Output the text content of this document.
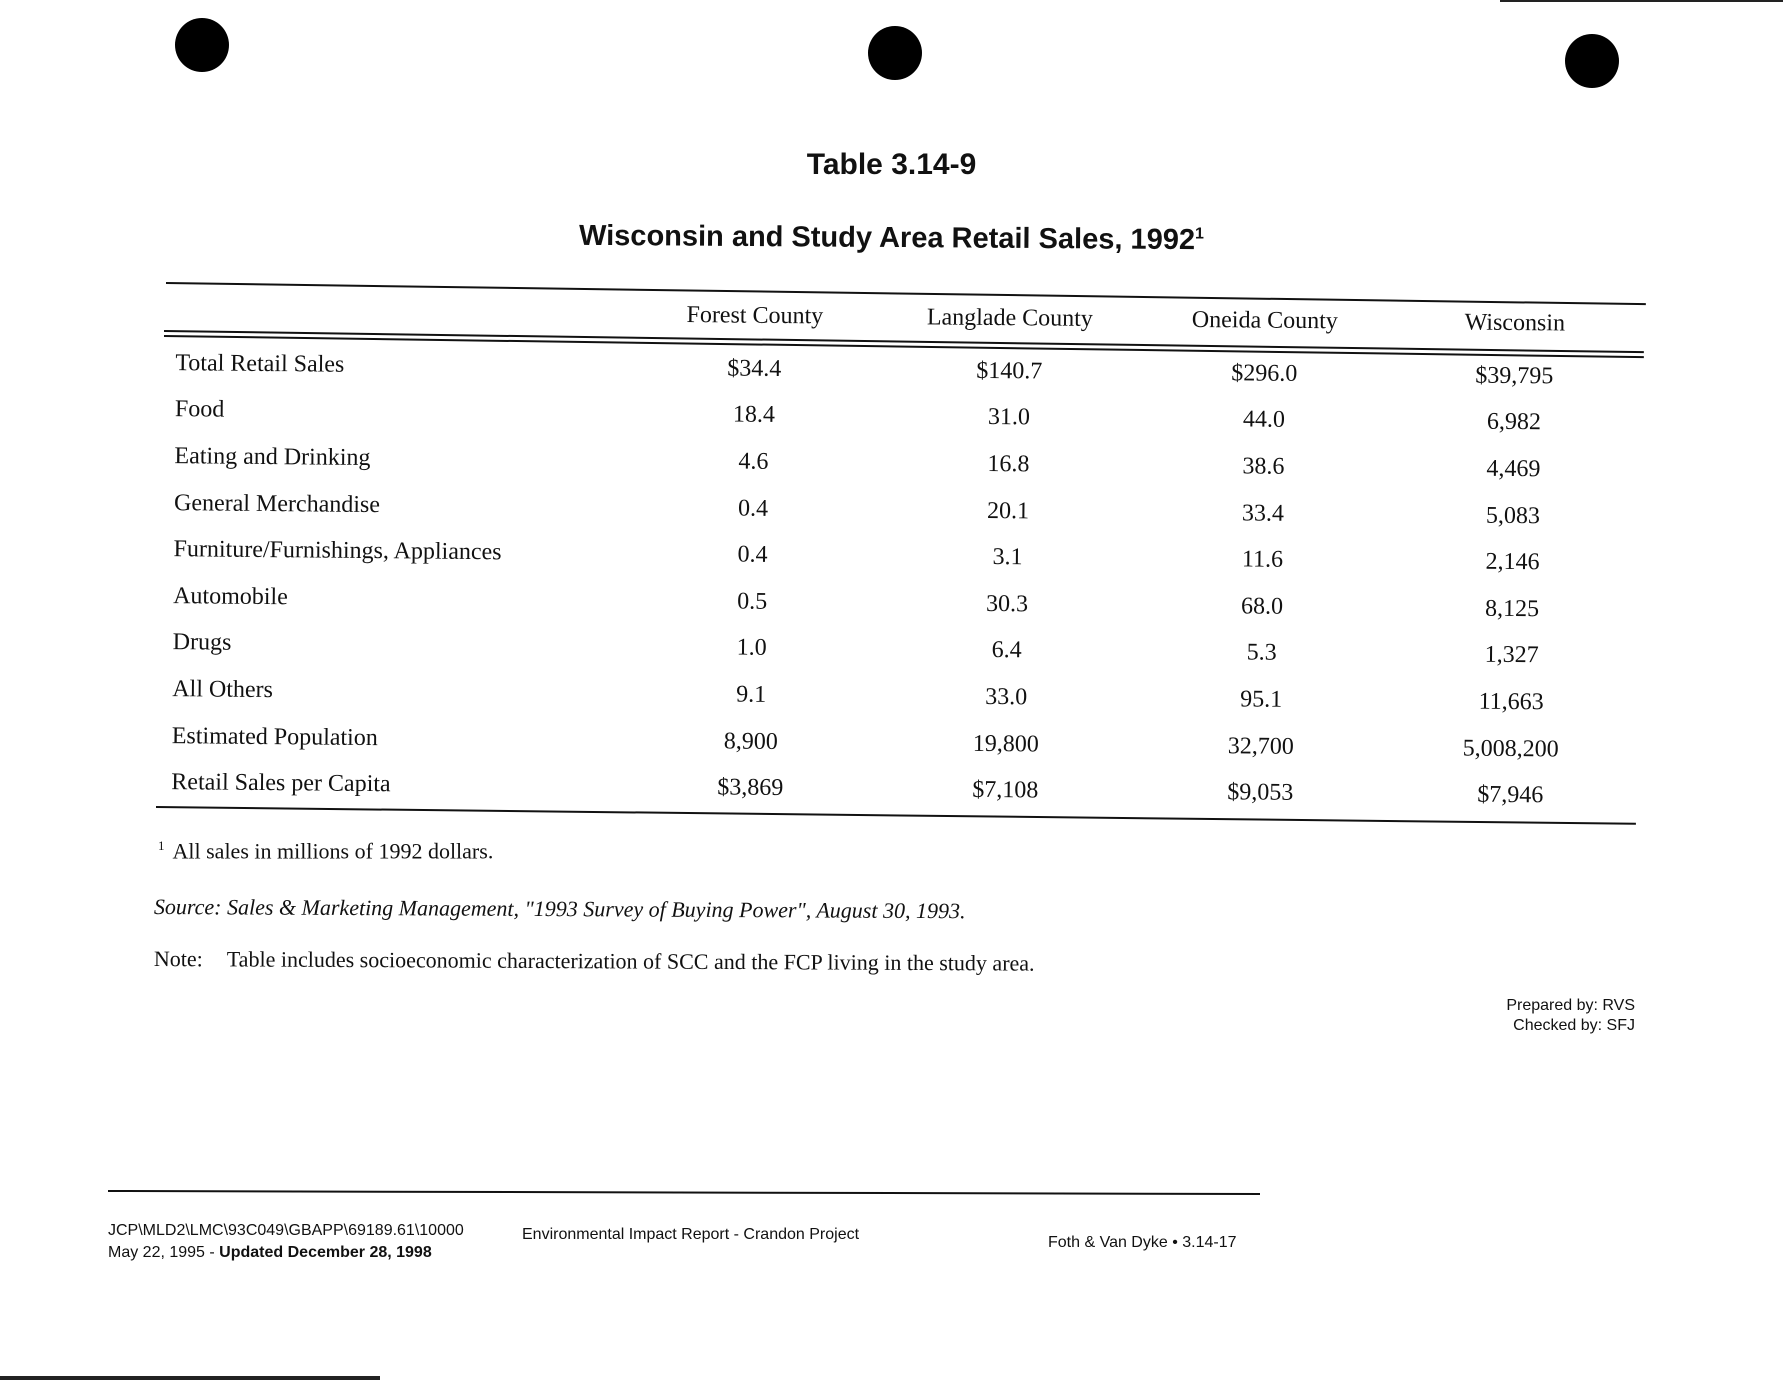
Table 3.14-9
Wisconsin and Study Area Retail Sales, 1992$^1$
	Forest County	Langlade County	Oneida County	Wisconsin
Total Retail Sales	$34.4	$140.7	$296.0	$39,795
Food	18.4	31.0	44.0	6,982
Eating and Drinking	4.6	16.8	38.6	4,469
General Merchandise	0.4	20.1	33.4	5,083
Furniture/Furnishings, Appliances	0.4	3.1	11.6	2,146
Automobile	0.5	30.3	68.0	8,125
Drugs	1.0	6.4	5.3	1,327
All Others	9.1	33.0	95.1	11,663
Estimated Population	8,900	19,800	32,700	5,008,200
Retail Sales per Capita	$3,869	$7,108	$9,053	$7,946
$^1$ All sales in millions of 1992 dollars.
Source: Sales & Marketing Management, "1993 Survey of Buying Power", August 30, 1993.
Note: Table includes socioeconomic characterization of SCC and the FCP living in the study area.
Prepared by: RVS
Checked by: SFJ
JCP\MLD2\LMC\93C049\GBAPP\69189.61\10000
May 22, 1995 - Updated December 28, 1998
Environmental Impact Report - Crandon Project	Foth & Van Dyke • 3.14-17
